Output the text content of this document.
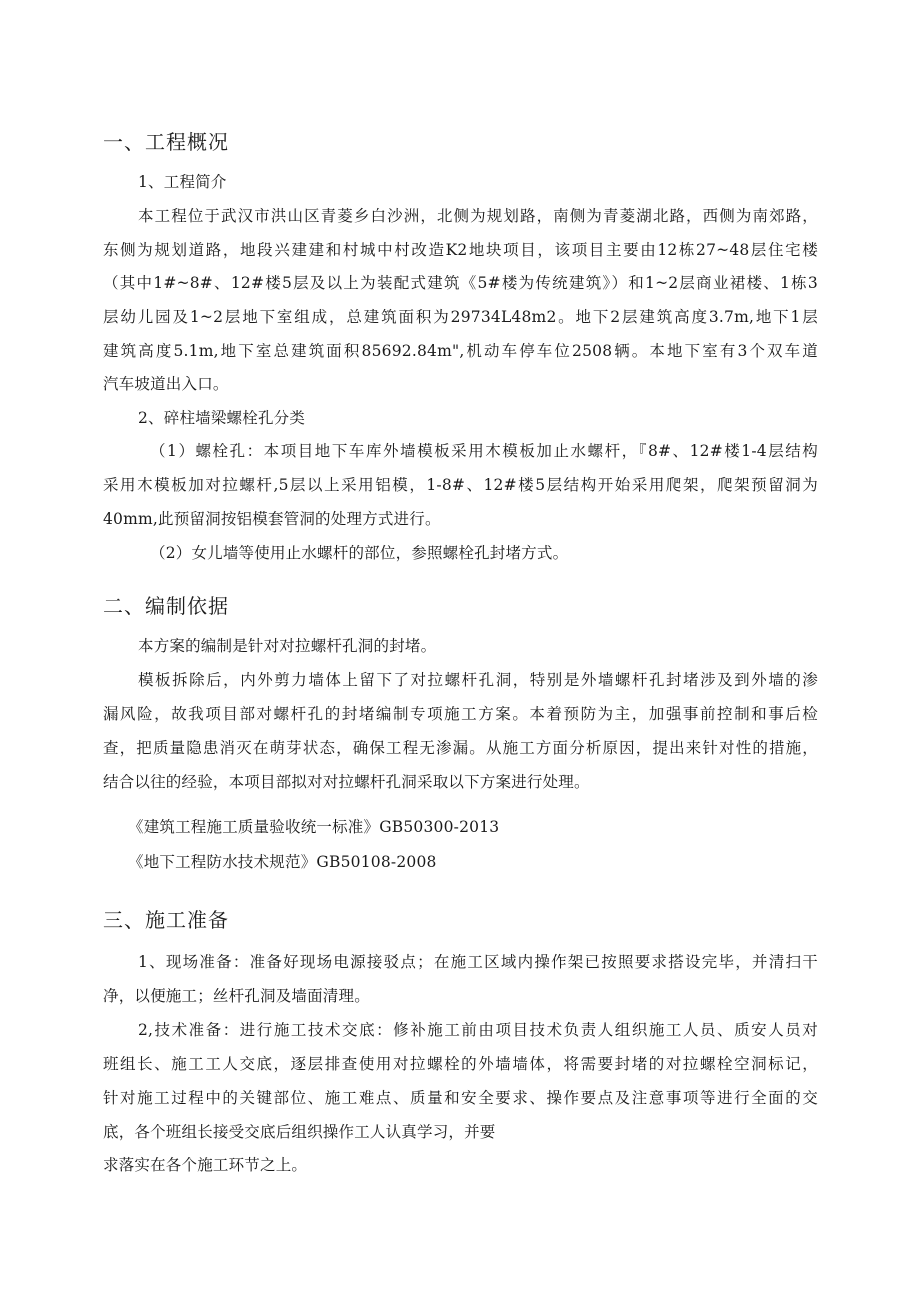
一、工程概况
1、工程简介
本工程位于武汉市洪山区青菱乡白沙洲，北侧为规划路，南侧为青菱湖北路，西侧为南郊路，
东侧为规划道路，地段兴建建和村城中村改造K2地块项目，该项目主要由12栋27~48层住宅楼
（其中1#~8#、12#楼5层及以上为装配式建筑《5#楼为传统建筑》）和1~2层商业裙楼、1栋3
层幼儿园及1~2层地下室组成，总建筑面积为29734L48m2。地下2层建筑高度3.7m,地下1层
建筑高度5.1m,地下室总建筑面积85692.84m",机动车停车位2508辆。本地下室有3个双车道
汽车坡道出入口。
2、碎柱墙梁螺栓孔分类
（1）螺栓孔：本项目地下车库外墙模板采用木模板加止水螺杆，『8#、12#楼1-4层结构
采用木模板加对拉螺杆,5层以上采用铝模，1-8#、12#楼5层结构开始采用爬架，爬架预留洞为
40mm,此预留洞按铝模套管洞的处理方式进行。
（2）女儿墙等使用止水螺杆的部位，参照螺栓孔封堵方式。
二、编制依据
本方案的编制是针对对拉螺杆孔洞的封堵。
模板拆除后，内外剪力墙体上留下了对拉螺杆孔洞，特别是外墙螺杆孔封堵涉及到外墙的渗
漏风险，故我项目部对螺杆孔的封堵编制专项施工方案。本着预防为主，加强事前控制和事后检
查，把质量隐患消灭在萌芽状态，确保工程无渗漏。从施工方面分析原因，提出来针对性的措施，
结合以往的经验，本项目部拟对对拉螺杆孔洞采取以下方案进行处理。
《建筑工程施工质量验收统一标准》GB50300-2013
《地下工程防水技术规范》GB50108-2008
三、施工准备
1、现场准备：准备好现场电源接驳点；在施工区域内操作架已按照要求搭设完毕，并清扫干
净，以便施工；丝杆孔洞及墙面清理。
2,技术准备：进行施工技术交底：修补施工前由项目技术负责人组织施工人员、质安人员对
班组长、施工工人交底，逐层排查使用对拉螺栓的外墙墙体，将需要封堵的对拉螺栓空洞标记，
针对施工过程中的关键部位、施工难点、质量和安全要求、操作要点及注意事项等进行全面的交
底，各个班组长接受交底后组织操作工人认真学习，并要
求落实在各个施工环节之上。
